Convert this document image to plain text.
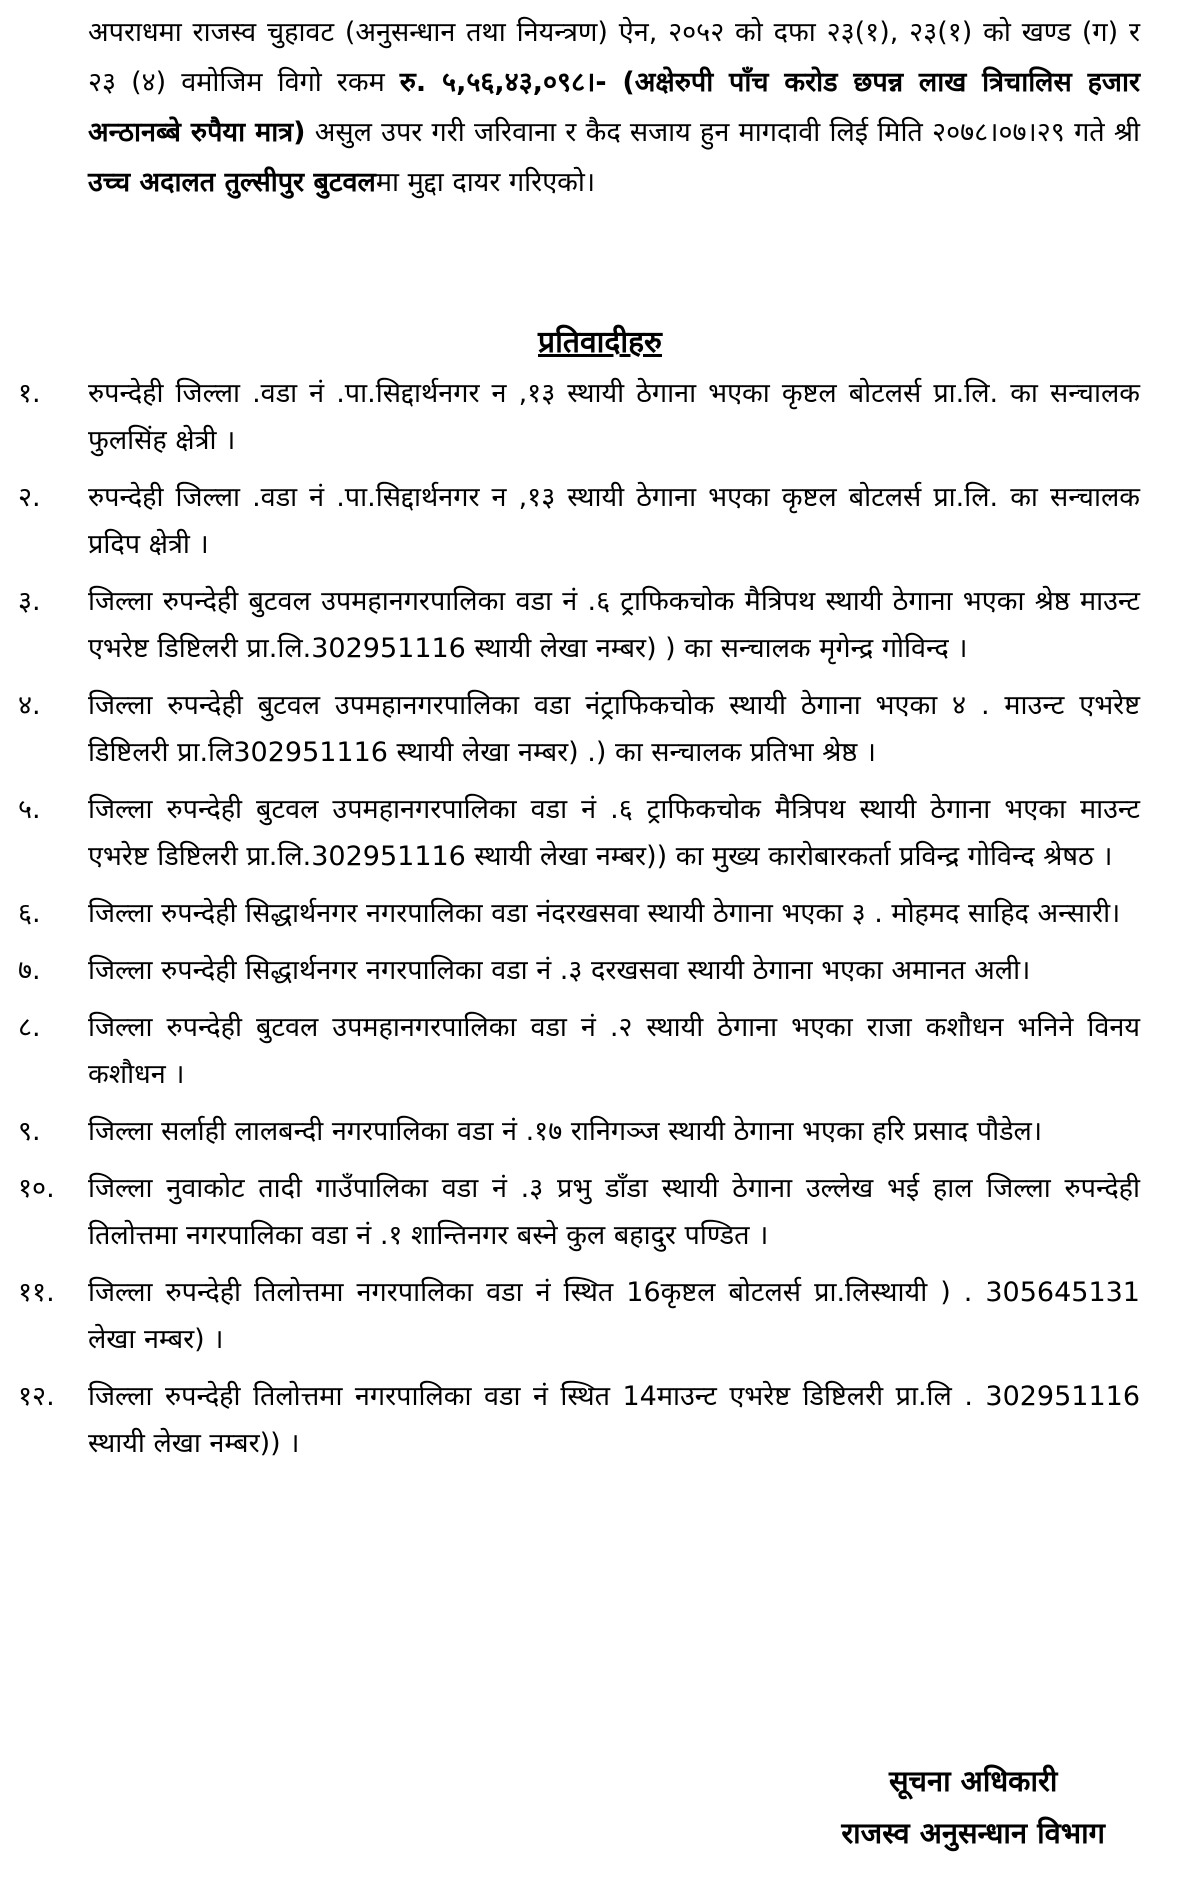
अपराधमा राजस्व चुहावट (अनुसन्धान तथा नियन्त्रण) ऐन, २०५२ को दफा २३(१), २३(१) को खण्ड (ग) र २३ (४) वमोजिम विगो रकम रु. ५,५६,४३,०९८।- (अक्षेरुपी पाँच करोड छपन्न लाख त्रिचालिस हजार अन्ठानब्बे रुपैया मात्र) असुल उपर गरी जरिवाना र कैद सजाय हुन मागदावी लिई मिति २०७८।०७।२९ गते श्री उच्च अदालत तुल्सीपुर बुटवलमा मुद्दा दायर गरिएको।
प्रतिवादीहरु
१.	रुपन्देही जिल्ला .वडा नं .पा.सिद्दार्थनगर न ,१३ स्थायी ठेगाना भएका कृष्टल बोटलर्स प्रा.लि. का सन्चालक फुलसिंह क्षेत्री ।
२.	रुपन्देही जिल्ला .वडा नं .पा.सिद्दार्थनगर न ,१३ स्थायी ठेगाना भएका कृष्टल बोटलर्स प्रा.लि. का सन्चालक प्रदिप क्षेत्री ।
३.	जिल्ला रुपन्देही बुटवल उपमहानगरपालिका वडा नं .६ ट्राफिकचोक मैत्रिपथ स्थायी ठेगाना भएका श्रेष्ठ माउन्ट एभरेष्ट डिष्टिलरी प्रा.लि.302951116 स्थायी लेखा नम्बर) ) का सन्चालक मृगेन्द्र गोविन्द ।
४.	जिल्ला रुपन्देही बुटवल उपमहानगरपालिका वडा नंट्राफिकचोक स्थायी ठेगाना भएका ४ . माउन्ट एभरेष्ट डिष्टिलरी प्रा.लि302951116 स्थायी लेखा नम्बर) .) का सन्चालक प्रतिभा श्रेष्ठ ।
५.	जिल्ला रुपन्देही बुटवल उपमहानगरपालिका वडा नं .६ ट्राफिकचोक मैत्रिपथ स्थायी ठेगाना भएका माउन्ट एभरेष्ट डिष्टिलरी प्रा.लि.302951116 स्थायी लेखा नम्बर)) का मुख्य कारोबारकर्ता प्रविन्द्र गोविन्द श्रेषठ ।
६.	जिल्ला रुपन्देही सिद्धार्थनगर नगरपालिका वडा नंदरखसवा स्थायी ठेगाना भएका ३ . मोहमद साहिद अन्सारी।
७.	जिल्ला रुपन्देही सिद्धार्थनगर नगरपालिका वडा नं .३ दरखसवा स्थायी ठेगाना भएका अमानत अली।
८.	जिल्ला रुपन्देही बुटवल उपमहानगरपालिका वडा नं .२ स्थायी ठेगाना भएका राजा कशौधन भनिने विनय कशौधन ।
९.	जिल्ला सर्लाही लालबन्दी नगरपालिका वडा नं .१७ रानिगञ्ज स्थायी ठेगाना भएका हरि प्रसाद पौडेल।
१०.	जिल्ला नुवाकोट तादी गाउँपालिका वडा नं .३ प्रभु डाँडा स्थायी ठेगाना उल्लेख भई हाल जिल्ला रुपन्देही तिलोत्तमा नगरपालिका वडा नं .१ शान्तिनगर बस्ने कुल बहादुर पण्डित ।
११.	जिल्ला रुपन्देही तिलोत्तमा नगरपालिका वडा नं स्थित 16कृष्टल बोटलर्स प्रा.लिस्थायी ) . 305645131 लेखा नम्बर) ।
१२.	जिल्ला रुपन्देही तिलोत्तमा नगरपालिका वडा नं स्थित 14माउन्ट एभरेष्ट डिष्टिलरी प्रा.लि . 302951116 स्थायी लेखा नम्बर)) ।
सूचना अधिकारी
राजस्व अनुसन्धान विभाग
